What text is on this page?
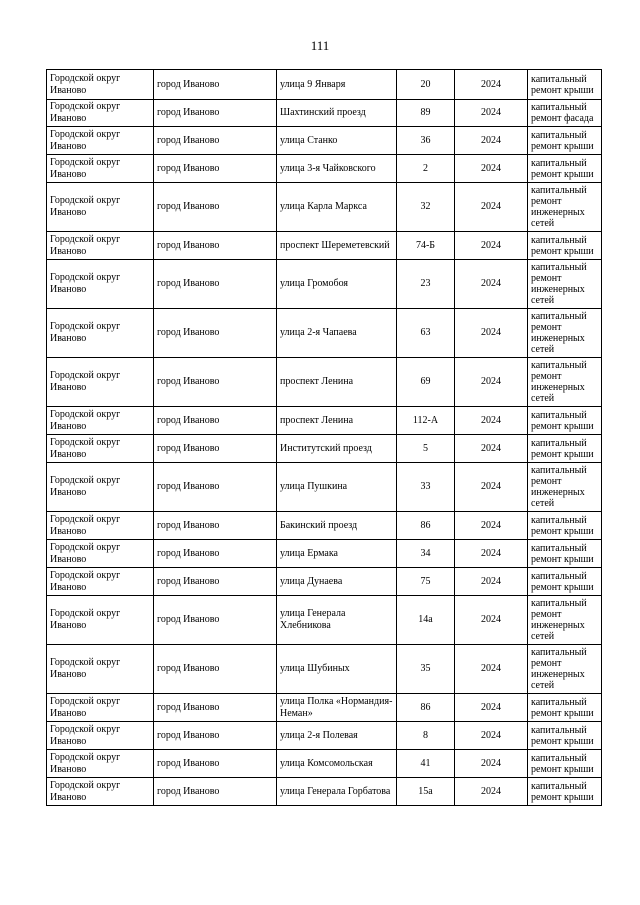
111
Городской округ Иваново	город Иваново	улица 9 Января	20	2024	капитальный ремонт крыши
Городской округ Иваново	город Иваново	Шахтинский проезд	89	2024	капитальный ремонт фасада
Городской округ Иваново	город Иваново	улица Станко	36	2024	капитальный ремонт крыши
Городской округ Иваново	город Иваново	улица 3-я Чайковского	2	2024	капитальный ремонт крыши
Городской округ Иваново	город Иваново	улица Карла Маркса	32	2024	капитальный ремонт инженерных сетей
Городской округ Иваново	город Иваново	проспект Шереметевский	74-Б	2024	капитальный ремонт крыши
Городской округ Иваново	город Иваново	улица Громобоя	23	2024	капитальный ремонт инженерных сетей
Городской округ Иваново	город Иваново	улица 2-я Чапаева	63	2024	капитальный ремонт инженерных сетей
Городской округ Иваново	город Иваново	проспект Ленина	69	2024	капитальный ремонт инженерных сетей
Городской округ Иваново	город Иваново	проспект Ленина	112-А	2024	капитальный ремонт крыши
Городской округ Иваново	город Иваново	Институтский проезд	5	2024	капитальный ремонт крыши
Городской округ Иваново	город Иваново	улица Пушкина	33	2024	капитальный ремонт инженерных сетей
Городской округ Иваново	город Иваново	Бакинский проезд	86	2024	капитальный ремонт крыши
Городской округ Иваново	город Иваново	улица Ермака	34	2024	капитальный ремонт крыши
Городской округ Иваново	город Иваново	улица Дунаева	75	2024	капитальный ремонт крыши
Городской округ Иваново	город Иваново	улица Генерала Хлебникова	14а	2024	капитальный ремонт инженерных сетей
Городской округ Иваново	город Иваново	улица Шубиных	35	2024	капитальный ремонт инженерных сетей
Городской округ Иваново	город Иваново	улица Полка «Нормандия-Неман»	86	2024	капитальный ремонт крыши
Городской округ Иваново	город Иваново	улица 2-я Полевая	8	2024	капитальный ремонт крыши
Городской округ Иваново	город Иваново	улица Комсомольская	41	2024	капитальный ремонт крыши
Городской округ Иваново	город Иваново	улица Генерала Горбатова	15а	2024	капитальный ремонт крыши
